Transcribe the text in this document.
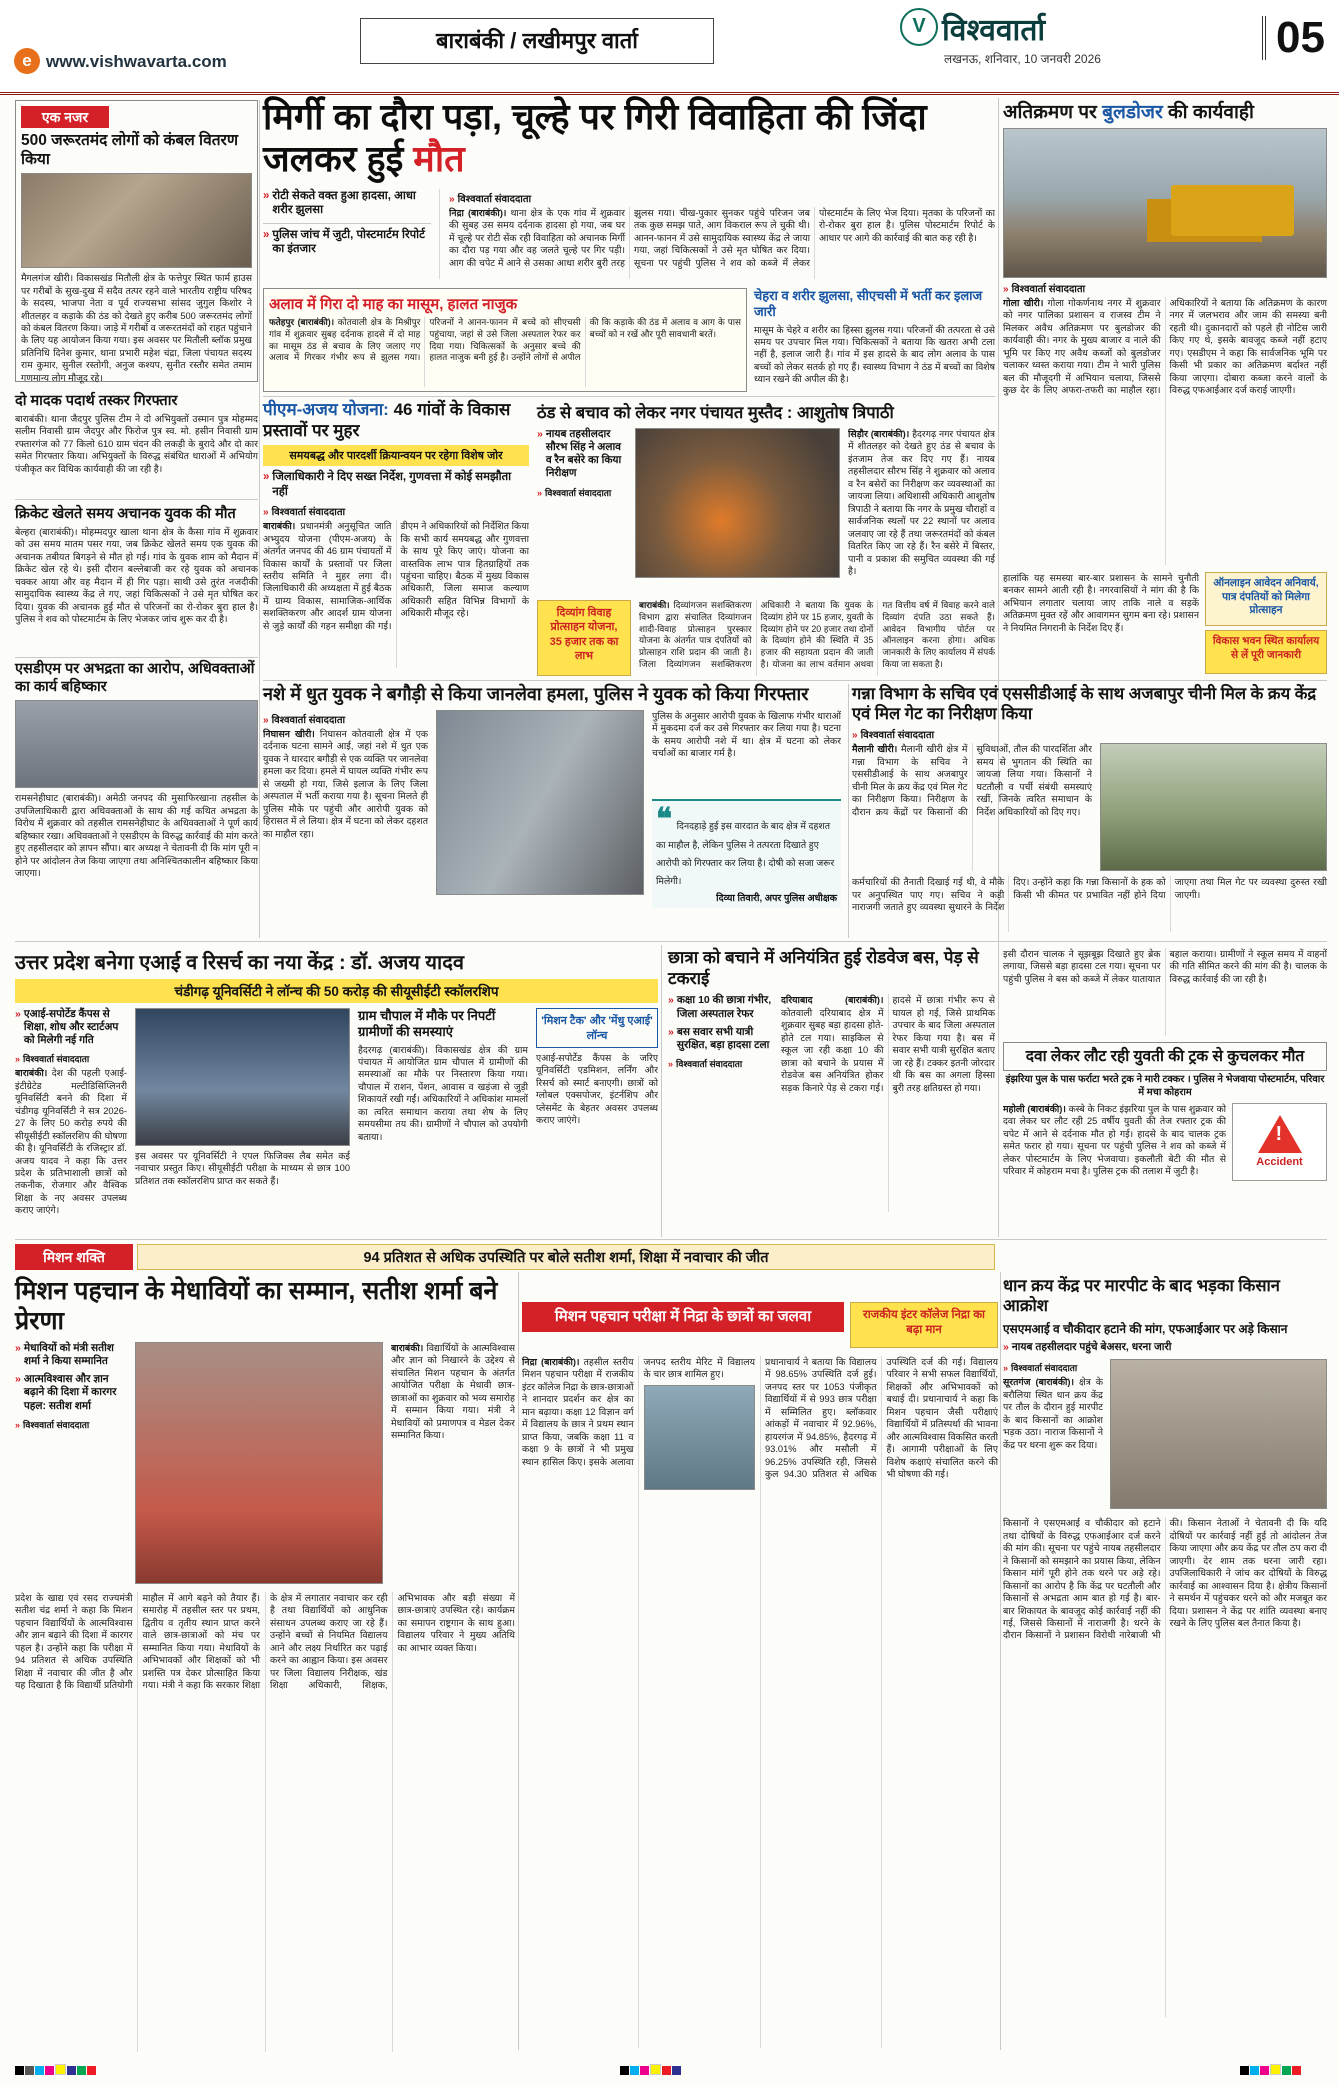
e www.vishwavarta.com
बाराबंकी / लखीमपुर वार्ता
V विश्ववार्ता
लखनऊ, शनिवार, 10 जनवरी 2026	05
एक नजर
500 जरूरतमंद लोगों को कंबल वितरण किया
मैगलगंज खीरी। विकासखंड मितौली क्षेत्र के फत्तेपुर स्थित फार्म हाउस पर गरीबों के सुख-दुख में सदैव तत्पर रहने वाले भारतीय राष्ट्रीय परिषद के सदस्य, भाजपा नेता व पूर्व राज्यसभा सांसद जुगुल किशोर ने शीतलहर व कड़ाके की ठंड को देखते हुए करीब 500 जरूरतमंद लोगों को कंबल वितरण किया। जाड़े में गरीबों व जरूरतमंदों को राहत पहुंचाने के लिए यह आयोजन किया गया। इस अवसर पर मितौली ब्लॉक प्रमुख प्रतिनिधि दिनेश कुमार, थाना प्रभारी महेश चंद्रा, जिला पंचायत सदस्य राम कुमार, सुनील रस्तोगी, अनुज कश्यप, सुनीत रस्तौर समेत तमाम गणमान्य लोग मौजूद रहे।
दो मादक पदार्थ तस्कर गिरफ्तार
बाराबंकी। थाना जैदपुर पुलिस टीम ने दो अभियुक्तों उस्मान पुत्र मोहम्मद सलीम निवासी ग्राम जैदपुर और फिरोज पुत्र स्व. मो. हसीन निवासी ग्राम रफ्तारगंज को 77 किलो 610 ग्राम चंदन की लकड़ी के बुरादे और दो कार समेत गिरफ्तार किया। अभियुक्तों के विरुद्ध संबंधित धाराओं में अभियोग पंजीकृत कर विधिक कार्यवाही की जा रही है।
क्रिकेट खेलते समय अचानक युवक की मौत
बेल्हरा (बाराबंकी)। मोहम्मदपुर खाला थाना क्षेत्र के कैसा गांव में शुक्रवार को उस समय मातम पसर गया, जब क्रिकेट खेलते समय एक युवक की अचानक तबीयत बिगड़ने से मौत हो गई। गांव के युवक शाम को मैदान में क्रिकेट खेल रहे थे। इसी दौरान बल्लेबाजी कर रहे युवक को अचानक चक्कर आया और वह मैदान में ही गिर पड़ा। साथी उसे तुरंत नजदीकी सामुदायिक स्वास्थ्य केंद्र ले गए, जहां चिकित्सकों ने उसे मृत घोषित कर दिया। युवक की अचानक हुई मौत से परिजनों का रो-रोकर बुरा हाल है। पुलिस ने शव को पोस्टमार्टम के लिए भेजकर जांच शुरू कर दी है।
एसडीएम पर अभद्रता का आरोप, अधिवक्ताओं का कार्य बहिष्कार
रामसनेहीघाट (बाराबंकी)। अमेठी जनपद की मुसाफिरखाना तहसील के उपजिलाधिकारी द्वारा अधिवक्ताओं के साथ की गई कथित अभद्रता के विरोध में शुक्रवार को तहसील रामसनेहीघाट के अधिवक्ताओं ने पूर्ण कार्य बहिष्कार रखा। अधिवक्ताओं ने एसडीएम के विरुद्ध कार्रवाई की मांग करते हुए तहसीलदार को ज्ञापन सौंपा। बार अध्यक्ष ने चेतावनी दी कि मांग पूरी न होने पर आंदोलन तेज किया जाएगा तथा अनिश्चितकालीन बहिष्कार किया जाएगा।
मिर्गी का दौरा पड़ा, चूल्हे पर गिरी विवाहिता की जिंदा जलकर हुई मौत
» रोटी सेकते वक्त हुआ हादसा, आधा शरीर झुलसा
» पुलिस जांच में जुटी, पोस्टमार्टम रिपोर्ट का इंतजार
» विश्ववार्ता संवाददाता
निद्रा (बाराबंकी)। थाना क्षेत्र के एक गांव में शुक्रवार की सुबह उस समय दर्दनाक हादसा हो गया, जब घर में चूल्हे पर रोटी सेंक रही विवाहिता को अचानक मिर्गी का दौरा पड़ गया और वह जलते चूल्हे पर गिर पड़ी। आग की चपेट में आने से उसका आधा शरीर बुरी तरह झुलस गया। चीख-पुकार सुनकर पहुंचे परिजन जब तक कुछ समझ पाते, आग विकराल रूप ले चुकी थी। आनन-फानन में उसे सामुदायिक स्वास्थ्य केंद्र ले जाया गया, जहां चिकित्सकों ने उसे मृत घोषित कर दिया। सूचना पर पहुंची पुलिस ने शव को कब्जे में लेकर पोस्टमार्टम के लिए भेज दिया। मृतका के परिजनों का रो-रोकर बुरा हाल है। पुलिस पोस्टमार्टम रिपोर्ट के आधार पर आगे की कार्रवाई की बात कह रही है।
अलाव में गिरा दो माह का मासूम, हालत नाजुक
फतेहपुर (बाराबंकी)। कोतवाली क्षेत्र के मिश्रीपुर गांव में शुक्रवार सुबह दर्दनाक हादसे में दो माह का मासूम ठंड से बचाव के लिए जलाए गए अलाव में गिरकर गंभीर रूप से झुलस गया। परिजनों ने आनन-फानन में बच्चे को सीएचसी पहुंचाया, जहां से उसे जिला अस्पताल रेफर कर दिया गया। चिकित्सकों के अनुसार बच्चे की हालत नाजुक बनी हुई है। उन्होंने लोगों से अपील की कि कड़ाके की ठंड में अलाव व आग के पास बच्चों को न रखें और पूरी सावधानी बरतें।
चेहरा व शरीर झुलसा, सीएचसी में भर्ती कर इलाज जारी
मासूम के चेहरे व शरीर का हिस्सा झुलस गया। परिजनों की तत्परता से उसे समय पर उपचार मिल गया। चिकित्सकों ने बताया कि खतरा अभी टला नहीं है, इलाज जारी है। गांव में इस हादसे के बाद लोग अलाव के पास बच्चों को लेकर सतर्क हो गए हैं। स्वास्थ्य विभाग ने ठंड में बच्चों का विशेष ध्यान रखने की अपील की है।
अतिक्रमण पर बुलडोजर की कार्यवाही
» विश्ववार्ता संवाददाता
गोला खीरी। गोला गोकर्णनाथ नगर में शुक्रवार को नगर पालिका प्रशासन व राजस्व टीम ने मिलकर अवैध अतिक्रमण पर बुलडोजर की कार्यवाही की। नगर के मुख्य बाजार व नाले की भूमि पर किए गए अवैध कब्जों को बुलडोजर चलाकर ध्वस्त कराया गया। टीम ने भारी पुलिस बल की मौजूदगी में अभियान चलाया, जिससे कुछ देर के लिए अफरा-तफरी का माहौल रहा। अधिकारियों ने बताया कि अतिक्रमण के कारण नगर में जलभराव और जाम की समस्या बनी रहती थी। दुकानदारों को पहले ही नोटिस जारी किए गए थे, इसके बावजूद कब्जे नहीं हटाए गए। एसडीएम ने कहा कि सार्वजनिक भूमि पर किसी भी प्रकार का अतिक्रमण बर्दाश्त नहीं किया जाएगा। दोबारा कब्जा करने वालों के विरुद्ध एफआईआर दर्ज कराई जाएगी।
हालांकि यह समस्या बार-बार प्रशासन के सामने चुनौती बनकर सामने आती रही है। नगरवासियों ने मांग की है कि अभियान लगातार चलाया जाए ताकि नाले व सड़कें अतिक्रमण मुक्त रहें और आवागमन सुगम बना रहे। प्रशासन ने नियमित निगरानी के निर्देश दिए हैं।
ऑनलाइन आवेदन अनिवार्य, पात्र दंपतियों को मिलेगा प्रोत्साहन
विकास भवन स्थित कार्यालय से लें पूरी जानकारी
पीएम-अजय योजना: 46 गांवों के विकास प्रस्तावों पर मुहर
समयबद्ध और पारदर्शी क्रियान्वयन पर रहेगा विशेष जोर
» जिलाधिकारी ने दिए सख्त निर्देश, गुणवत्ता में कोई समझौता नहीं
» विश्ववार्ता संवाददाता
बाराबंकी। प्रधानमंत्री अनुसूचित जाति अभ्युदय योजना (पीएम-अजय) के अंतर्गत जनपद की 46 ग्राम पंचायतों में विकास कार्यों के प्रस्तावों पर जिला स्तरीय समिति ने मुहर लगा दी। जिलाधिकारी की अध्यक्षता में हुई बैठक में ग्राम्य विकास, सामाजिक-आर्थिक सशक्तिकरण और आदर्श ग्राम योजना से जुड़े कार्यों की गहन समीक्षा की गई। डीएम ने अधिकारियों को निर्देशित किया कि सभी कार्य समयबद्ध और गुणवत्ता के साथ पूरे किए जाएं। योजना का वास्तविक लाभ पात्र हितग्राहियों तक पहुंचना चाहिए। बैठक में मुख्य विकास अधिकारी, जिला समाज कल्याण अधिकारी सहित विभिन्न विभागों के अधिकारी मौजूद रहे।
ठंड से बचाव को लेकर नगर पंचायत मुस्तैद : आशुतोष त्रिपाठी
» नायब तहसीलदार सौरभ सिंह ने अलाव व रैन बसेरे का किया निरीक्षण
» विश्ववार्ता संवाददाता
सिड़ौर (बाराबंकी)। हैदरगढ़ नगर पंचायत क्षेत्र में शीतलहर को देखते हुए ठंड से बचाव के इंतजाम तेज कर दिए गए हैं। नायब तहसीलदार सौरभ सिंह ने शुक्रवार को अलाव व रैन बसेरों का निरीक्षण कर व्यवस्थाओं का जायजा लिया। अधिशासी अधिकारी आशुतोष त्रिपाठी ने बताया कि नगर के प्रमुख चौराहों व सार्वजनिक स्थलों पर 22 स्थानों पर अलाव जलवाए जा रहे हैं तथा जरूरतमंदों को कंबल वितरित किए जा रहे हैं। रैन बसेरे में बिस्तर, पानी व प्रकाश की समुचित व्यवस्था की गई है।
दिव्यांग विवाह प्रोत्साहन योजना, 35 हजार तक का लाभ
बाराबंकी। दिव्यांगजन सशक्तिकरण विभाग द्वारा संचालित दिव्यांगजन शादी-विवाह प्रोत्साहन पुरस्कार योजना के अंतर्गत पात्र दंपतियों को प्रोत्साहन राशि प्रदान की जाती है। जिला दिव्यांगजन सशक्तिकरण अधिकारी ने बताया कि युवक के दिव्यांग होने पर 15 हजार, युवती के दिव्यांग होने पर 20 हजार तथा दोनों के दिव्यांग होने की स्थिति में 35 हजार की सहायता प्रदान की जाती है। योजना का लाभ वर्तमान अथवा गत वित्तीय वर्ष में विवाह करने वाले दिव्यांग दंपति उठा सकते हैं। आवेदन विभागीय पोर्टल पर ऑनलाइन करना होगा। अधिक जानकारी के लिए कार्यालय में संपर्क किया जा सकता है।
नशे में धुत युवक ने बगौड़ी से किया जानलेवा हमला, पुलिस ने युवक को किया गिरफ्तार
» विश्ववार्ता संवाददाता
निघासन खीरी। निघासन कोतवाली क्षेत्र में एक दर्दनाक घटना सामने आई, जहां नशे में धुत एक युवक ने धारदार बगौड़ी से एक व्यक्ति पर जानलेवा हमला कर दिया। हमले में घायल व्यक्ति गंभीर रूप से जख्मी हो गया, जिसे इलाज के लिए जिला अस्पताल में भर्ती कराया गया है। सूचना मिलते ही पुलिस मौके पर पहुंची और आरोपी युवक को हिरासत में ले लिया। क्षेत्र में घटना को लेकर दहशत का माहौल रहा।
पुलिस के अनुसार आरोपी युवक के खिलाफ गंभीर धाराओं में मुकदमा दर्ज कर उसे गिरफ्तार कर लिया गया है। घटना के समय आरोपी नशे में था। क्षेत्र में घटना को लेकर चर्चाओं का बाजार गर्म है।
❝ दिनदहाड़े हुई इस वारदात के बाद क्षेत्र में दहशत का माहौल है, लेकिन पुलिस ने तत्परता दिखाते हुए आरोपी को गिरफ्तार कर लिया है। दोषी को सजा जरूर मिलेगी।
दिव्या तिवारी, अपर पुलिस अधीक्षक
गन्ना विभाग के सचिव एवं एससीडीआई के साथ अजबापुर चीनी मिल के क्रय केंद्र एवं मिल गेट का निरीक्षण किया
» विश्ववार्ता संवाददाता
मैलानी खीरी। मैलानी खीरी क्षेत्र में गन्ना विभाग के सचिव ने एससीडीआई के साथ अजबापुर चीनी मिल के क्रय केंद्र एवं मिल गेट का निरीक्षण किया। निरीक्षण के दौरान क्रय केंद्रों पर किसानों की सुविधाओं, तौल की पारदर्शिता और समय से भुगतान की स्थिति का जायजा लिया गया। किसानों ने घटतौली व पर्ची संबंधी समस्याएं रखीं, जिनके त्वरित समाधान के निर्देश अधिकारियों को दिए गए।
कर्मचारियों की तैनाती दिखाई गई थी, वे मौके पर अनुपस्थित पाए गए। सचिव ने कड़ी नाराजगी जताते हुए व्यवस्था सुधारने के निर्देश दिए। उन्होंने कहा कि गन्ना किसानों के हक को किसी भी कीमत पर प्रभावित नहीं होने दिया जाएगा तथा मिल गेट पर व्यवस्था दुरुस्त रखी जाएगी।
उत्तर प्रदेश बनेगा एआई व रिसर्च का नया केंद्र : डॉ. अजय यादव
चंडीगढ़ यूनिवर्सिटी ने लॉन्च की 50 करोड़ की सीयूसीईटी स्कॉलरशिप
» एआई-सपोर्टेड कैंपस से शिक्षा, शोध और स्टार्टअप को मिलेगी नई गति
» विश्ववार्ता संवाददाता
बाराबंकी। देश की पहली एआई-इंटीग्रेटेड मल्टीडिसिप्लिनरी यूनिवर्सिटी बनने की दिशा में चंडीगढ़ यूनिवर्सिटी ने सत्र 2026-27 के लिए 50 करोड़ रुपये की सीयूसीईटी स्कॉलरशिप की घोषणा की है। यूनिवर्सिटी के रजिस्ट्रार डॉ. अजय यादव ने कहा कि उत्तर प्रदेश के प्रतिभाशाली छात्रों को तकनीक, रोजगार और वैश्विक शिक्षा के नए अवसर उपलब्ध कराए जाएंगे।
इस अवसर पर यूनिवर्सिटी ने एपल फिजिक्स लैब समेत कई नवाचार प्रस्तुत किए। सीयूसीईटी परीक्षा के माध्यम से छात्र 100 प्रतिशत तक स्कॉलरशिप प्राप्त कर सकते हैं।
ग्राम चौपाल में मौके पर निपटीं ग्रामीणों की समस्याएं
हैदरगढ़ (बाराबंकी)। विकासखंड क्षेत्र की ग्राम पंचायत में आयोजित ग्राम चौपाल में ग्रामीणों की समस्याओं का मौके पर निस्तारण किया गया। चौपाल में राशन, पेंशन, आवास व खड़ंजा से जुड़ी शिकायतें रखी गईं। अधिकारियों ने अधिकांश मामलों का त्वरित समाधान कराया तथा शेष के लिए समयसीमा तय की। ग्रामीणों ने चौपाल को उपयोगी बताया।
'मिशन टैक' और 'मेंधु एआई' लॉन्च
एआई-सपोर्टेड कैंपस के जरिए यूनिवर्सिटी एडमिशन, लर्निंग और रिसर्च को स्मार्ट बनाएगी। छात्रों को ग्लोबल एक्सपोजर, इंटर्नशिप और प्लेसमेंट के बेहतर अवसर उपलब्ध कराए जाएंगे।
छात्रा को बचाने में अनियंत्रित हुई रोडवेज बस, पेड़ से टकराई
» कक्षा 10 की छात्रा गंभीर, जिला अस्पताल रेफर
» बस सवार सभी यात्री सुरक्षित, बड़ा हादसा टला
» विश्ववार्ता संवाददाता
दरियाबाद (बाराबंकी)। कोतवाली दरियाबाद क्षेत्र में शुक्रवार सुबह बड़ा हादसा होते-होते टल गया। साइकिल से स्कूल जा रही कक्षा 10 की छात्रा को बचाने के प्रयास में रोडवेज बस अनियंत्रित होकर सड़क किनारे पेड़ से टकरा गई। हादसे में छात्रा गंभीर रूप से घायल हो गई, जिसे प्राथमिक उपचार के बाद जिला अस्पताल रेफर किया गया है। बस में सवार सभी यात्री सुरक्षित बताए जा रहे हैं। टक्कर इतनी जोरदार थी कि बस का अगला हिस्सा बुरी तरह क्षतिग्रस्त हो गया।
इसी दौरान चालक ने सूझबूझ दिखाते हुए ब्रेक लगाया, जिससे बड़ा हादसा टल गया। सूचना पर पहुंची पुलिस ने बस को कब्जे में लेकर यातायात बहाल कराया। ग्रामीणों ने स्कूल समय में वाहनों की गति सीमित करने की मांग की है। चालक के विरुद्ध कार्रवाई की जा रही है।
दवा लेकर लौट रही युवती की ट्रक से कुचलकर मौत
इंझरिया पुल के पास फर्राटा भरते ट्रक ने मारी टक्कर । पुलिस ने भेजवाया पोस्टमार्टम, परिवार में मचा कोहराम
महोली (बाराबंकी)। कस्बे के निकट इंझरिया पुल के पास शुक्रवार को दवा लेकर घर लौट रही 25 वर्षीय युवती की तेज रफ्तार ट्रक की चपेट में आने से दर्दनाक मौत हो गई। हादसे के बाद चालक ट्रक समेत फरार हो गया। सूचना पर पहुंची पुलिस ने शव को कब्जे में लेकर पोस्टमार्टम के लिए भेजवाया। इकलौती बेटी की मौत से परिवार में कोहराम मचा है। पुलिस ट्रक की तलाश में जुटी है।
!
Accident
मिशन शक्ति	94 प्रतिशत से अधिक उपस्थिति पर बोले सतीश शर्मा, शिक्षा में नवाचार की जीत
मिशन पहचान के मेधावियों का सम्मान, सतीश शर्मा बने प्रेरणा
» मेधावियों को मंत्री सतीश शर्मा ने किया सम्मानित
» आत्मविश्वास और ज्ञान बढ़ाने की दिशा में कारगर पहल: सतीश शर्मा
» विश्ववार्ता संवाददाता
बाराबंकी। विद्यार्थियों के आत्मविश्वास और ज्ञान को निखारने के उद्देश्य से संचालित मिशन पहचान के अंतर्गत आयोजित परीक्षा के मेधावी छात्र-छात्राओं का शुक्रवार को भव्य समारोह में सम्मान किया गया। मंत्री ने मेधावियों को प्रमाणपत्र व मेडल देकर सम्मानित किया।
प्रदेश के खाद्य एवं रसद राज्यमंत्री सतीश चंद्र शर्मा ने कहा कि मिशन पहचान विद्यार्थियों के आत्मविश्वास और ज्ञान बढ़ाने की दिशा में कारगर पहल है। उन्होंने कहा कि परीक्षा में 94 प्रतिशत से अधिक उपस्थिति शिक्षा में नवाचार की जीत है और यह दिखाता है कि विद्यार्थी प्रतियोगी माहौल में आगे बढ़ने को तैयार हैं। समारोह में तहसील स्तर पर प्रथम, द्वितीय व तृतीय स्थान प्राप्त करने वाले छात्र-छात्राओं को मंच पर सम्मानित किया गया। मेधावियों के अभिभावकों और शिक्षकों को भी प्रशस्ति पत्र देकर प्रोत्साहित किया गया। मंत्री ने कहा कि सरकार शिक्षा के क्षेत्र में लगातार नवाचार कर रही है तथा विद्यार्थियों को आधुनिक संसाधन उपलब्ध कराए जा रहे हैं। उन्होंने बच्चों से नियमित विद्यालय आने और लक्ष्य निर्धारित कर पढ़ाई करने का आह्वान किया। इस अवसर पर जिला विद्यालय निरीक्षक, खंड शिक्षा अधिकारी, शिक्षक, अभिभावक और बड़ी संख्या में छात्र-छात्राएं उपस्थित रहे। कार्यक्रम का समापन राष्ट्रगान के साथ हुआ। विद्यालय परिवार ने मुख्य अतिथि का आभार व्यक्त किया।
मिशन पहचान परीक्षा में निद्रा के छात्रों का जलवा	राजकीय इंटर कॉलेज निद्रा का बढ़ा मान
निद्रा (बाराबंकी)। तहसील स्तरीय मिशन पहचान परीक्षा में राजकीय इंटर कॉलेज निद्रा के छात्र-छात्राओं ने शानदार प्रदर्शन कर क्षेत्र का मान बढ़ाया। कक्षा 12 विज्ञान वर्ग में विद्यालय के छात्र ने प्रथम स्थान प्राप्त किया, जबकि कक्षा 11 व कक्षा 9 के छात्रों ने भी प्रमुख स्थान हासिल किए। इसके अलावा जनपद स्तरीय मेरिट में विद्यालय के चार छात्र शामिल हुए।
प्रधानाचार्य ने बताया कि विद्यालय में 98.65% उपस्थिति दर्ज हुई। जनपद स्तर पर 1053 पंजीकृत विद्यार्थियों में से 993 छात्र परीक्षा में सम्मिलित हुए। ब्लॉकवार आंकड़ों में नवाचार में 92.96%, हायरगंज में 94.85%, हैदरगढ़ में 93.01% और मसौली में 96.25% उपस्थिति रही, जिससे कुल 94.30 प्रतिशत से अधिक उपस्थिति दर्ज की गई। विद्यालय परिवार ने सभी सफल विद्यार्थियों, शिक्षकों और अभिभावकों को बधाई दी। प्रधानाचार्य ने कहा कि मिशन पहचान जैसी परीक्षाएं विद्यार्थियों में प्रतिस्पर्धा की भावना और आत्मविश्वास विकसित करती हैं। आगामी परीक्षाओं के लिए विशेष कक्षाएं संचालित करने की भी घोषणा की गई।
धान क्रय केंद्र पर मारपीट के बाद भड़का किसान आक्रोश
एसएमआई व चौकीदार हटाने की मांग, एफआईआर पर अड़े किसान
» नायब तहसीलदार पहुंचे बेअसर, धरना जारी
» विश्ववार्ता संवाददाता
सूरतगंज (बाराबंकी)। क्षेत्र के बरौलिया स्थित धान क्रय केंद्र पर तौल के दौरान हुई मारपीट के बाद किसानों का आक्रोश भड़क उठा। नाराज किसानों ने केंद्र पर धरना शुरू कर दिया।
किसानों ने एसएमआई व चौकीदार को हटाने तथा दोषियों के विरुद्ध एफआईआर दर्ज करने की मांग की। सूचना पर पहुंचे नायब तहसीलदार ने किसानों को समझाने का प्रयास किया, लेकिन किसान मांगें पूरी होने तक धरने पर अड़े रहे। किसानों का आरोप है कि केंद्र पर घटतौली और किसानों से अभद्रता आम बात हो गई है। बार-बार शिकायत के बावजूद कोई कार्रवाई नहीं की गई, जिससे किसानों में नाराजगी है। धरने के दौरान किसानों ने प्रशासन विरोधी नारेबाजी भी की। किसान नेताओं ने चेतावनी दी कि यदि दोषियों पर कार्रवाई नहीं हुई तो आंदोलन तेज किया जाएगा और क्रय केंद्र पर तौल ठप करा दी जाएगी। देर शाम तक धरना जारी रहा। उपजिलाधिकारी ने जांच कर दोषियों के विरुद्ध कार्रवाई का आश्वासन दिया है। क्षेत्रीय किसानों ने समर्थन में पहुंचकर धरने को और मजबूत कर दिया। प्रशासन ने केंद्र पर शांति व्यवस्था बनाए रखने के लिए पुलिस बल तैनात किया है।
